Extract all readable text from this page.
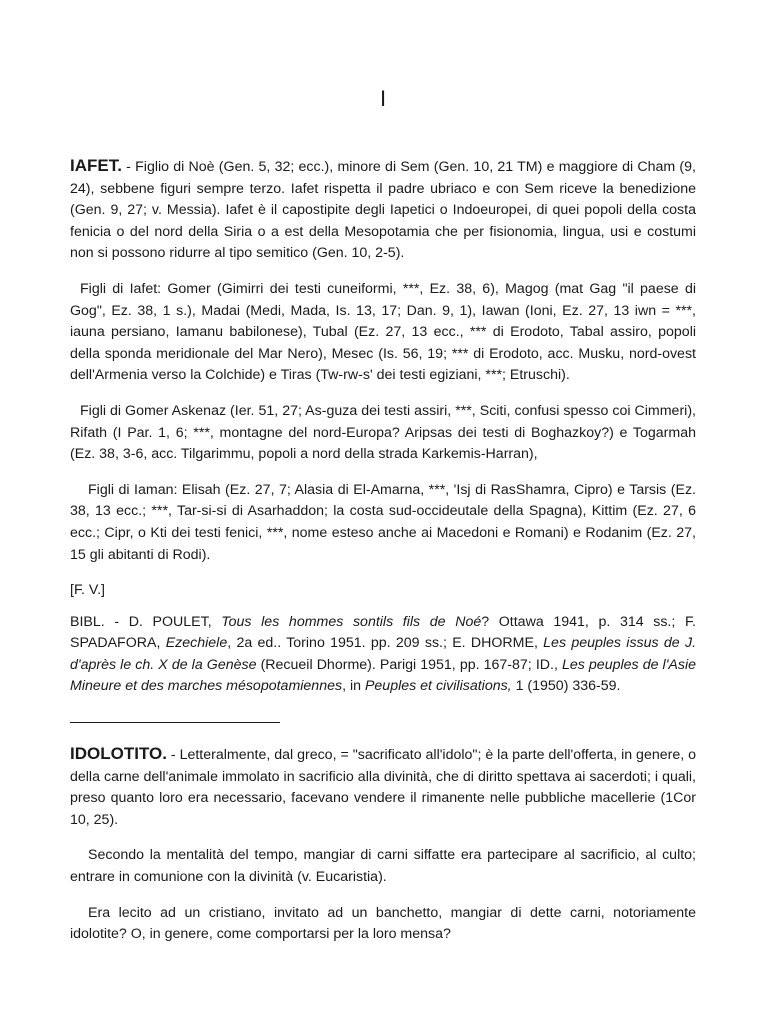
I

IAFET. - Figlio di Noè (Gen. 5, 32; ecc.), minore di Sem (Gen. 10, 21 TM) e maggiore di Cham (9, 24), sebbene figuri sempre terzo. Iafet rispetta il padre ubriaco e con Sem riceve la benedizione (Gen. 9, 27; v. Messia). Iafet è il capostipite degli Iapetici o Indoeuropei, di quei popoli della costa fenicia o del nord della Siria o a est della Mesopotamia che per fisionomia, lingua, usi e costumi non si possono ridurre al tipo semitico (Gen. 10, 2-5).

Figli di Iafet: Gomer (Gimirri dei testi cuneiformi, ***, Ez. 38, 6), Magog (mat Gag "il paese di Gog", Ez. 38, 1 s.), Madai (Medi, Mada, Is. 13, 17; Dan. 9, 1), Iawan (Ioni, Ez. 27, 13 iwn = ***, iauna persiano, Iamanu babilonese), Tubal (Ez. 27, 13 ecc., *** di Erodoto, Tabal assiro, popoli della sponda meridionale del Mar Nero), Mesec (Is. 56, 19; *** di Erodoto, acc. Musku, nord-ovest dell'Armenia verso la Colchide) e Tiras (Tw-rw-s' dei testi egiziani, ***; Etruschi).

Figli di Gomer Askenaz (Ier. 51, 27; As-guza dei testi assiri, ***, Sciti, confusi spesso coi Cimmeri), Rifath (I Par. 1, 6; ***, montagne del nord-Europa? Aripsas dei testi di Boghazkoy?) e Togarmah (Ez. 38, 3-6, acc. Tilgarimmu, popoli a nord della strada Karkemis-Harran),

Figli di Iaman: Elisah (Ez. 27, 7; Alasia di El-Amarna, ***, 'Isj di RasShamra, Cipro) e Tarsis (Ez. 38, 13 ecc.; ***, Tar-si-si di Asarhaddon; la costa sud-occideutale della Spagna), Kittim (Ez. 27, 6 ecc.; Cipr, o Kti dei testi fenici, ***, nome esteso anche ai Macedoni e Romani) e Rodanim (Ez. 27, 15 gli abitanti di Rodi).

[F. V.]

BIBL. - D. POULET, Tous les hommes sontils fils de Noé? Ottawa 1941, p. 314 ss.; F. SPADAFORA, Ezechiele, 2a ed.. Torino 1951. pp. 209 ss.; E. DHORME, Les peuples issus de J. d'après le ch. X de la Genèse (Recueil Dhorme). Parigi 1951, pp. 167-87; ID., Les peuples de l'Asie Mineure et des marches mésopotamiennes, in Peuples et civilisations, 1 (1950) 336-59.

IDOLOTITO. - Letteralmente, dal greco, = "sacrificato all'idolo"; è la parte dell'offerta, in genere, o della carne dell'animale immolato in sacrificio alla divinità, che di diritto spettava ai sacerdoti; i quali, preso quanto loro era necessario, facevano vendere il rimanente nelle pubbliche macellerie (1Cor 10, 25).

Secondo la mentalità del tempo, mangiar di carni siffatte era partecipare al sacrificio, al culto; entrare in comunione con la divinità (v. Eucaristia).

Era lecito ad un cristiano, invitato ad un banchetto, mangiar di dette carni, notoriamente idolotite? O, in genere, come comportarsi per la loro mensa?
